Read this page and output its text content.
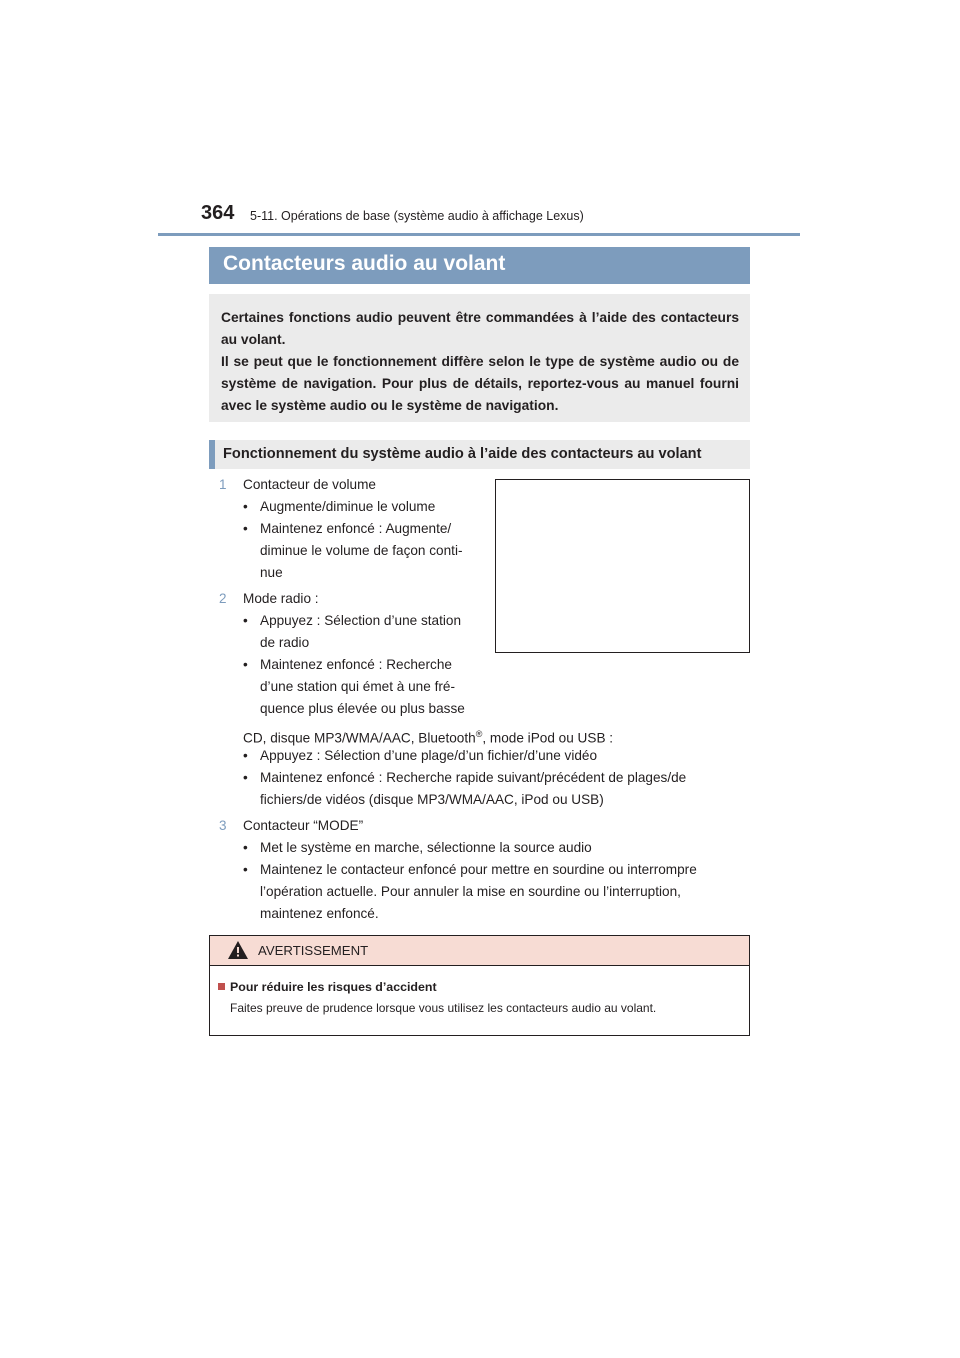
364 5-11. Opérations de base (système audio à affichage Lexus)
Contacteurs audio au volant

Certaines fonctions audio peuvent être commandées à l’aide des contacteurs au volant.

Il se peut que le fonctionnement diffère selon le type de système audio ou de système de navigation. Pour plus de détails, reportez-vous au manuel fourni avec le système audio ou le système de navigation.

Fonctionnement du système audio à l’aide des contacteurs au volant
1 Contacteur de volume
• Augmente/diminue le volume
• Maintenez enfoncé : Augmente/
diminue le volume de façon conti-
nue
2 Mode radio :
• Appuyez : Sélection d’une station
de radio
• Maintenez enfoncé : Recherche
d’une station qui émet à une fré-
quence plus élevée ou plus basse
CD, disque MP3/WMA/AAC, Bluetooth®, mode iPod ou USB :
• Appuyez : Sélection d’une plage/d’un fichier/d’une vidéo
• Maintenez enfoncé : Recherche rapide suivant/précédent de plages/de
fichiers/de vidéos (disque MP3/WMA/AAC, iPod ou USB)
3 Contacteur “MODE”
• Met le système en marche, sélectionne la source audio
• Maintenez le contacteur enfoncé pour mettre en sourdine ou interrompre
l’opération actuelle. Pour annuler la mise en sourdine ou l’interruption,
maintenez enfoncé.
AVERTISSEMENT
Pour réduire les risques d’accident
Faites preuve de prudence lorsque vous utilisez les contacteurs audio au volant.
